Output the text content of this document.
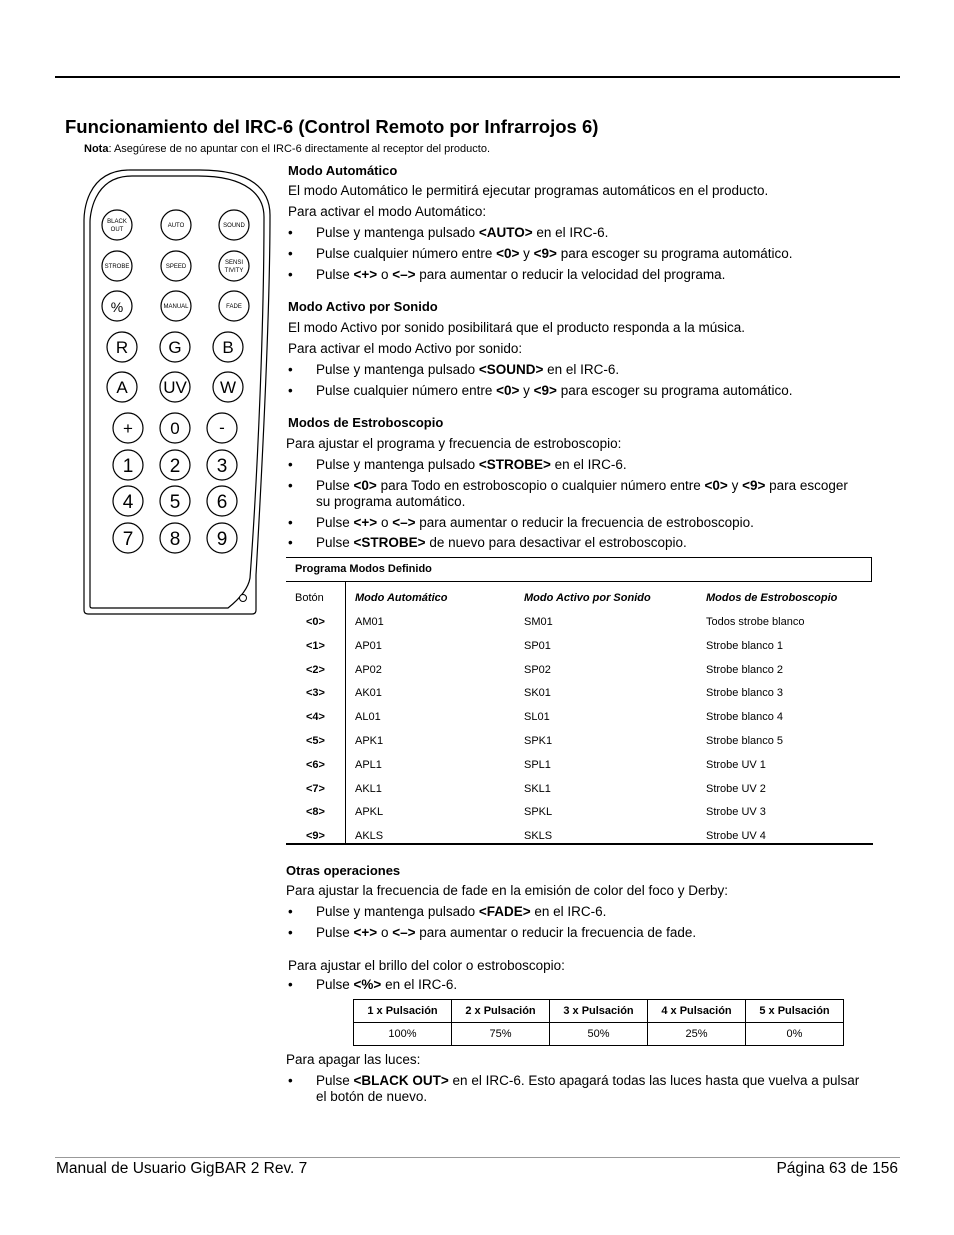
Funcionamiento del IRC-6 (Control Remoto por Infrarrojos 6)
Nota: Asegúrese de no apuntar con el IRC-6 directamente al receptor del producto.
BLACK
OUT
AUTO	SOUND
STROBE	SPEED
SENSI
TIVITY
MANUAL	FADE
%
R G B
A UV W
+ 0 -
1 2 3
4 5 6
7 8 9
Modo Automático
El modo Automático le permitirá ejecutar programas automáticos en el producto.
Para activar el modo Automático:
• Pulse y mantenga pulsado <AUTO> en el IRC-6.
• Pulse cualquier número entre <0> y <9> para escoger su programa automático.
• Pulse <+> o <–> para aumentar o reducir la velocidad del programa.
Modo Activo por Sonido
El modo Activo por sonido posibilitará que el producto responda a la música.
Para activar el modo Activo por sonido:
• Pulse y mantenga pulsado <SOUND> en el IRC-6.
• Pulse cualquier número entre <0> y <9> para escoger su programa automático.
Modos de Estroboscopio
Para ajustar el programa y frecuencia de estroboscopio:
• Pulse y mantenga pulsado <STROBE> en el IRC-6.
• Pulse <0> para Todo en estroboscopio o cualquier número entre <0> y <9> para escoger
su programa automático.
• Pulse <+> o <–> para aumentar o reducir la frecuencia de estroboscopio.
• Pulse <STROBE> de nuevo para desactivar el estroboscopio.
Programa Modos Definido
Botón	Modo Automático	Modo Activo por Sonido	Modos de Estroboscopio
<0>	AM01	SM01	Todos strobe blanco
<1>	AP01	SP01	Strobe blanco 1
<2>	AP02	SP02	Strobe blanco 2
<3>	AK01	SK01	Strobe blanco 3
<4>	AL01	SL01	Strobe blanco 4
<5>	APK1	SPK1	Strobe blanco 5
<6>	APL1	SPL1	Strobe UV 1
<7>	AKL1	SKL1	Strobe UV 2
<8>	APKL	SPKL	Strobe UV 3
<9>	AKLS	SKLS	Strobe UV 4
Otras operaciones
Para ajustar la frecuencia de fade en la emisión de color del foco y Derby:
• Pulse y mantenga pulsado <FADE> en el IRC-6.
• Pulse <+> o <–> para aumentar o reducir la frecuencia de fade.
Para ajustar el brillo del color o estroboscopio:
• Pulse <%> en el IRC-6.
1 x Pulsación	2 x Pulsación	3 x Pulsación	4 x Pulsación	5 x Pulsación
100%	75%	50%	25%	0%
Para apagar las luces:
• Pulse <BLACK OUT> en el IRC-6. Esto apagará todas las luces hasta que vuelva a pulsar
el botón de nuevo.
Manual de Usuario GigBAR 2 Rev. 7	Página 63 de 156
